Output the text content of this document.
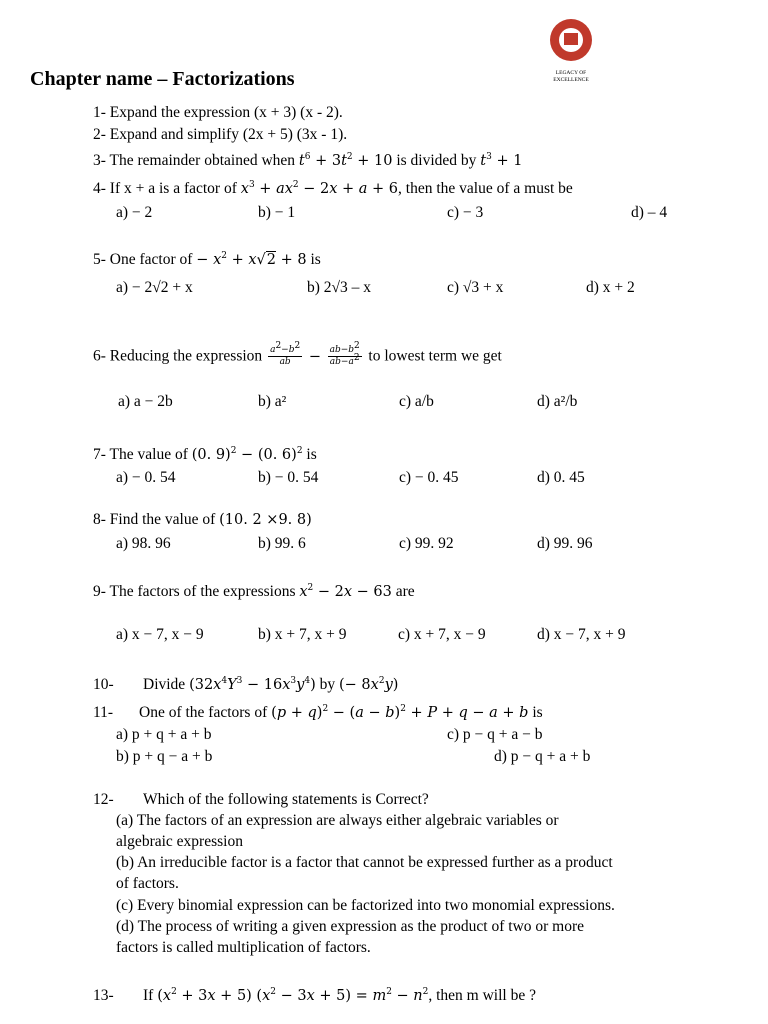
LEGACY OF
EXCELLENCE
Chapter name – Factorizations
1- Expand the expression (x + 3) (x - 2).
2- Expand and simplify (2x + 5) (3x - 1).
3- The remainder obtained when $t^6 + 3t^2 + 10$ is divided by $t^3 + 1$
4- If x + a is a factor of $x^3 + ax^2 - 2x + a + 6$, then the value of a must be
a) − 2	b) − 1	c) − 3	d) – 4
5- One factor of − $x^2 + x√2 + 8$ is
a) − 2√2 + x	b) 2√3 – x	c) √3 + x	d) x + 2
6- Reducing the expression $\frac{a^2-b^2}{ab} - \frac{ab-b^2}{ab-a^2}$ to lowest term we get
a) a − 2b	b) a²	c) a/b	d) a²/b
7- The value of (0. 9)$^2$ − (0. 6)$^2$ is
a) − 0. 54	b) − 0. 54	c) − 0. 45	d) 0. 45
8- Find the value of (10. 2 ×9. 8)
a) 98. 96	b) 99. 6	c) 99. 92	d) 99. 96
9- The factors of the expressions $x^2 - 2x - 63$ are
a) x − 7, x − 9	b) x + 7, x + 9	c) x + 7, x − 9	d) x − 7, x + 9
10- Divide $(32x^4Y^3 - 16x^3y^4)$ by (− $8x^2y$)
11- One of the factors of $(p + q)^2 - (a - b)^2 + P + q - a + b$ is
a) p + q + a + b	c) p − q + a − b
b) p + q − a + b	d) p − q + a + b
12- Which of the following statements is Correct?
(a) The factors of an expression are always either algebraic variables or
algebraic expression
(b) An irreducible factor is a factor that cannot be expressed further as a product
of factors.
(c) Every binomial expression can be factorized into two monomial expressions.
(d) The process of writing a given expression as the product of two or more
factors is called multiplication of factors.
13- If $(x^2 + 3x + 5) (x^2 - 3x + 5) = m^2 - n^2$, then m will be ?
